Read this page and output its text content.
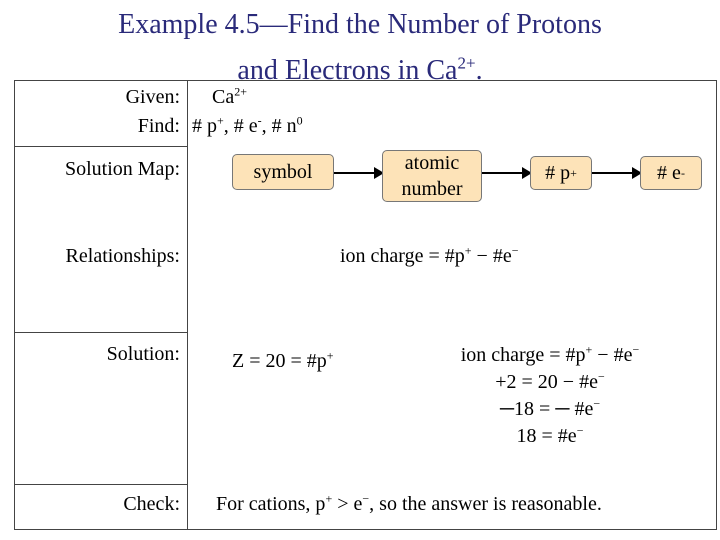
Example 4.5—Find the Number of Protons
and Electrons in $Ca^{2+}$.
Given: $Ca^{2+}$
Find: # p+, # e-, # $n^0$
Solution Map:	symbol	atomic
number
# p +	# e -
Relationships:	ion charge = #p+ − #e−
Solution:	Z = 20 = #p+	ion charge = #p+ − #e−
+2 = 20 − #e−
─18 = ─ #e−
18 = #e−
Check: For cations, p+ > e−, so the answer is reasonable.
